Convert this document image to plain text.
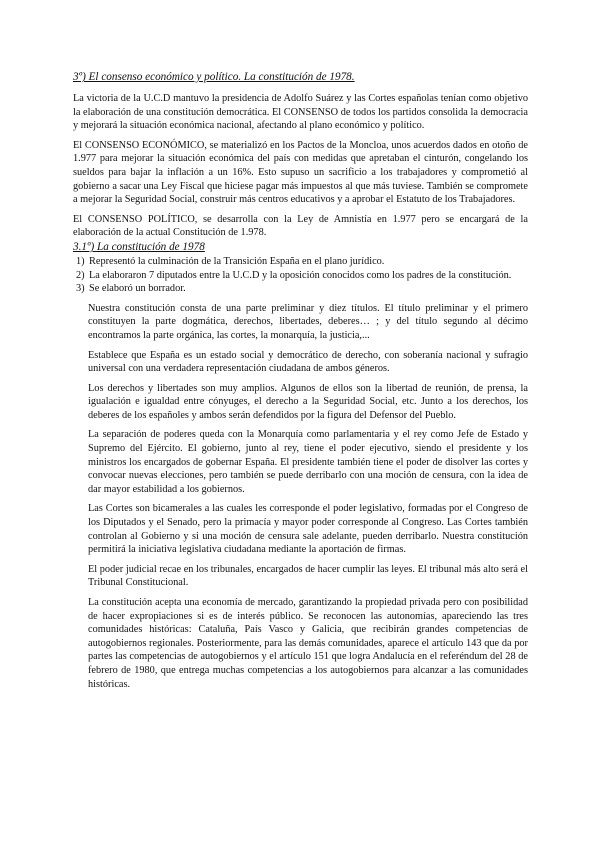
3º) El consenso económico y político. La constitución de 1978.

La victoria de la U.C.D mantuvo la presidencia de Adolfo Suárez y las Cortes españolas tenían como objetivo la elaboración de una constitución democrática. El CONSENSO de todos los partidos consolida la democracia y mejorará la situación económica nacional, afectando al plano económico y político.

El CONSENSO ECONÓMICO, se materializó en los Pactos de la Moncloa, unos acuerdos dados en otoño de 1.977 para mejorar la situación económica del país con medidas que apretaban el cinturón, congelando los sueldos para bajar la inflación a un 16%. Esto supuso un sacrificio a los trabajadores y comprometió al gobierno a sacar una Ley Fiscal que hiciese pagar más impuestos al que más tuviese. También se compromete a mejorar la Seguridad Social, construir más centros educativos y a aprobar el Estatuto de los Trabajadores.

El CONSENSO POLÍTICO, se desarrolla con la Ley de Amnistía en 1.977 pero se encargará de la elaboración de la actual Constitución de 1.978.

3.1º) La constitución de 1978

1) Representó la culminación de la Transición España en el plano jurídico.
2) La elaboraron 7 diputados entre la U.C.D y la oposición conocidos como los padres de la constitución.
3) Se elaboró un borrador.

Nuestra constitución consta de una parte preliminar y diez títulos. El título preliminar y el primero constituyen la parte dogmática, derechos, libertades, deberes… ; y del título segundo al décimo encontramos la parte orgánica, las cortes, la monarquía, la justicia,...

Establece que España es un estado social y democrático de derecho, con soberanía nacional y sufragio universal con una verdadera representación ciudadana de ambos géneros.

Los derechos y libertades son muy amplios. Algunos de ellos son la libertad de reunión, de prensa, la igualación e igualdad entre cónyuges, el derecho a la Seguridad Social, etc. Junto a los derechos, los deberes de los españoles y ambos serán defendidos por la figura del Defensor del Pueblo.

La separación de poderes queda con la Monarquía como parlamentaria y el rey como Jefe de Estado y Supremo del Ejército. El gobierno, junto al rey, tiene el poder ejecutivo, siendo el presidente y los ministros los encargados de gobernar España. El presidente también tiene el poder de disolver las cortes y convocar nuevas elecciones, pero también se puede derribarlo con una moción de censura, con la idea de dar mayor estabilidad a los gobiernos.

Las Cortes son bicamerales a las cuales les corresponde el poder legislativo, formadas por el Congreso de los Diputados y el Senado, pero la primacía y mayor poder corresponde al Congreso. Las Cortes también controlan al Gobierno y si una moción de censura sale adelante, pueden derribarlo. Nuestra constitución permitirá la iniciativa legislativa ciudadana mediante la aportación de firmas.

El poder judicial recae en los tribunales, encargados de hacer cumplir las leyes. El tribunal más alto será el Tribunal Constitucional.

La constitución acepta una economía de mercado, garantizando la propiedad privada pero con posibilidad de hacer expropiaciones si es de interés público. Se reconocen las autonomías, apareciendo las tres comunidades históricas: Cataluña, País Vasco y Galicia, que recibirán grandes competencias de autogobiernos regionales. Posteriormente, para las demás comunidades, aparece el artículo 143 que da por partes las competencias de autogobiernos y el artículo 151 que logra Andalucía en el referéndum del 28 de febrero de 1980, que entrega muchas competencias a los autogobiernos para alcanzar a las comunidades históricas.
